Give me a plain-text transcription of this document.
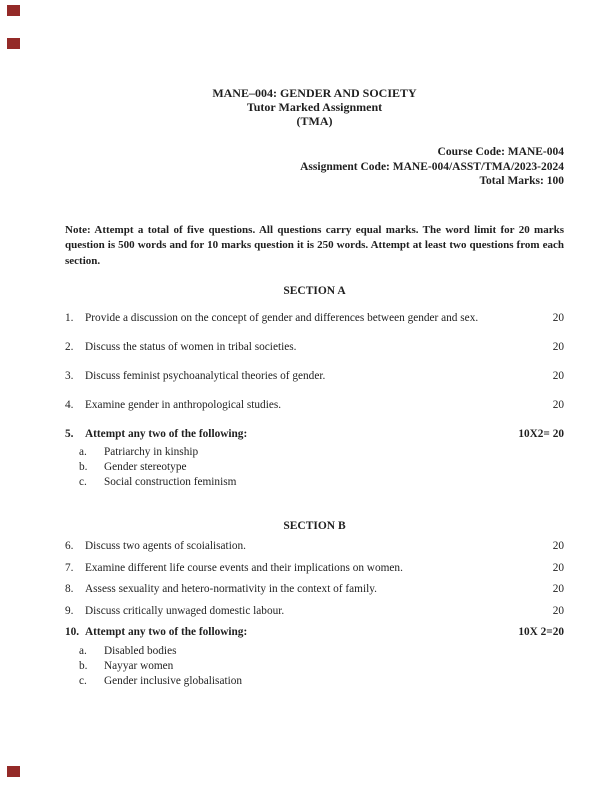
MANE–004: GENDER AND SOCIETY
Tutor Marked Assignment
(TMA)
Course Code: MANE-004
Assignment Code: MANE-004/ASST/TMA/2023-2024
Total Marks: 100
Note: Attempt a total of five questions. All questions carry equal marks. The word limit for 20 marks question is 500 words and for 10 marks question it is 250 words. Attempt at least two questions from each section.
SECTION A
1.	Provide a discussion on the concept of gender and differences between gender and sex.	20
2.	Discuss the status of women in tribal societies.	20
3.	Discuss feminist psychoanalytical theories of gender.	20
4.	Examine gender in anthropological studies.	20
5.	Attempt any two of the following:	10X2= 20
a.	Patriarchy in kinship
b.	Gender stereotype
c.	Social construction feminism
SECTION B
6.	Discuss two agents of scoialisation.	20
7.	Examine different life course events and their implications on women.	20
8.	Assess sexuality and hetero-normativity in the context of family.	20
9.	Discuss critically unwaged domestic labour.	20
10. Attempt any two of the following:	10X 2=20
a.	Disabled bodies
b.	Nayyar women
c.	Gender inclusive globalisation
